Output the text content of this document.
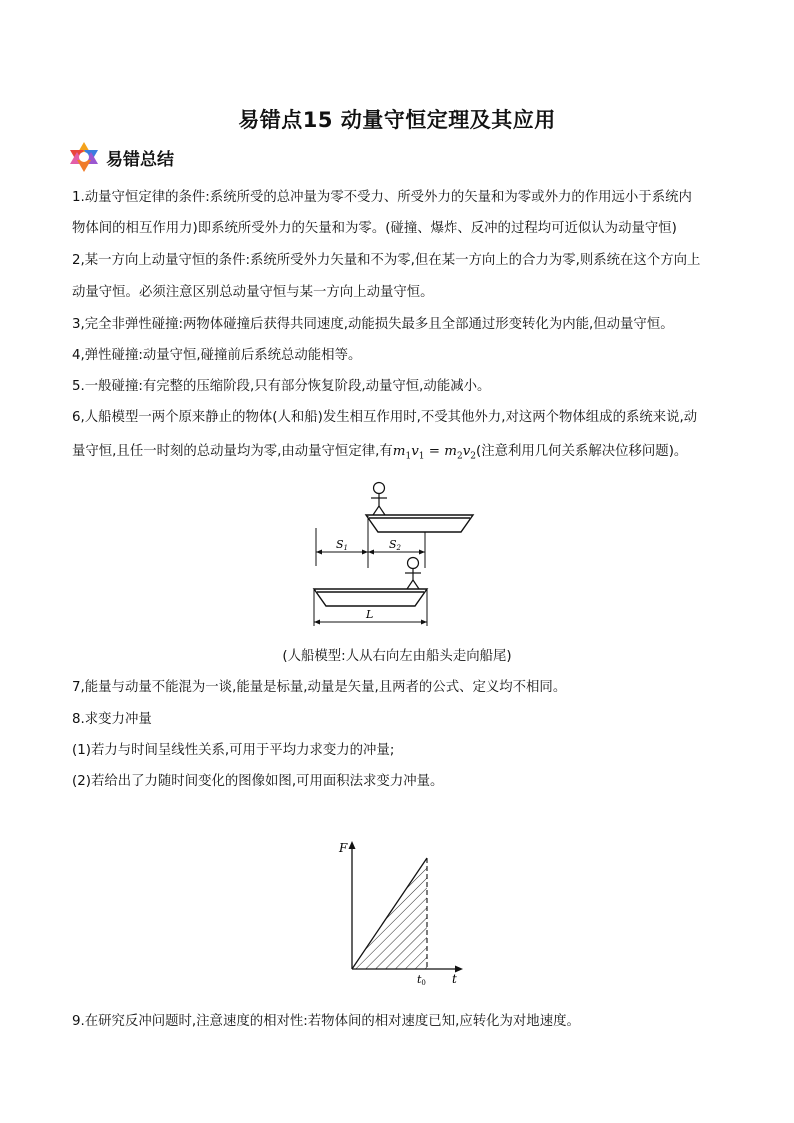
易错点15 动量守恒定理及其应用
易错总结
1.动量守恒定律的条件:系统所受的总冲量为零不受力、所受外力的矢量和为零或外力的作用远小于系统内
物体间的相互作用力)即系统所受外力的矢量和为零。(碰撞、爆炸、反冲的过程均可近似认为动量守恒)
2,某一方向上动量守恒的条件:系统所受外力矢量和不为零,但在某一方向上的合力为零,则系统在这个方向上
动量守恒。必须注意区别总动量守恒与某一方向上动量守恒。
3,完全非弹性碰撞:两物体碰撞后获得共同速度,动能损失最多且全部通过形变转化为内能,但动量守恒。
4,弹性碰撞:动量守恒,碰撞前后系统总动能相等。
5.一般碰撞:有完整的压缩阶段,只有部分恢复阶段,动量守恒,动能减小。
6,人船模型一两个原来静止的物体(人和船)发生相互作用时,不受其他外力,对这两个物体组成的系统来说,动
量守恒,且任一时刻的总动量均为零,由动量守恒定律,有$m_1v_1 = m_2v_2$(注意利用几何关系解决位移问题)。
S1	S2
L
(人船模型:人从右向左由船头走向船尾)
7,能量与动量不能混为一谈,能量是标量,动量是矢量,且两者的公式、定义均不相同。
8.求变力冲量
(1)若力与时间呈线性关系,可用于平均力求变力的冲量;
(2)若给出了力随时间变化的图像如图,可用面积法求变力冲量。
F
t
t0
9.在研究反冲问题时,注意速度的相对性:若物体间的相对速度已知,应转化为对地速度。
